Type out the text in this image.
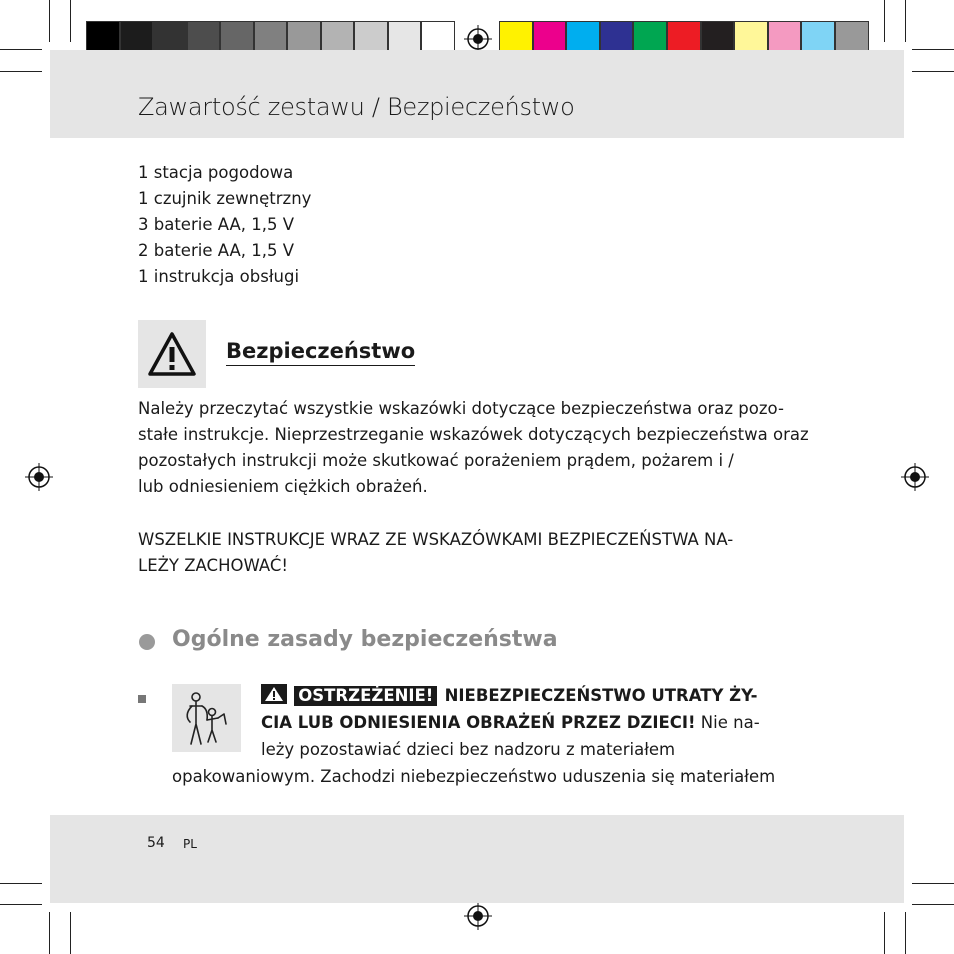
Zawartość zestawu / Bezpieczeństwo
1 stacja pogodowa
1 czujnik zewnętrzny
3 baterie AA, 1,5 V
2 baterie AA, 1,5 V
1 instrukcja obsługi
Bezpieczeństwo
Należy przeczytać wszystkie wskazówki dotyczące bezpieczeństwa oraz pozo-
stałe instrukcje. Nieprzestrzeganie wskazówek dotyczących bezpieczeństwa oraz
pozostałych instrukcji może skutkować porażeniem prądem, pożarem i /
lub odniesieniem ciężkich obrażeń.
WSZELKIE INSTRUKCJE WRAZ ZE WSKAZÓWKAMI BEZPIECZEŃSTWA NA-
LEŻY ZACHOWAĆ!
Ogólne zasady bezpieczeństwa
OSTRZEŻENIE! NIEBEZPIECZEŃSTWO UTRATY ŻY-
CIA LUB ODNIESIENIA OBRAŻEŃ PRZEZ DZIECI! Nie na-
leży pozostawiać dzieci bez nadzoru z materiałem
opakowaniowym. Zachodzi niebezpieczeństwo uduszenia się materiałem
54 PL
